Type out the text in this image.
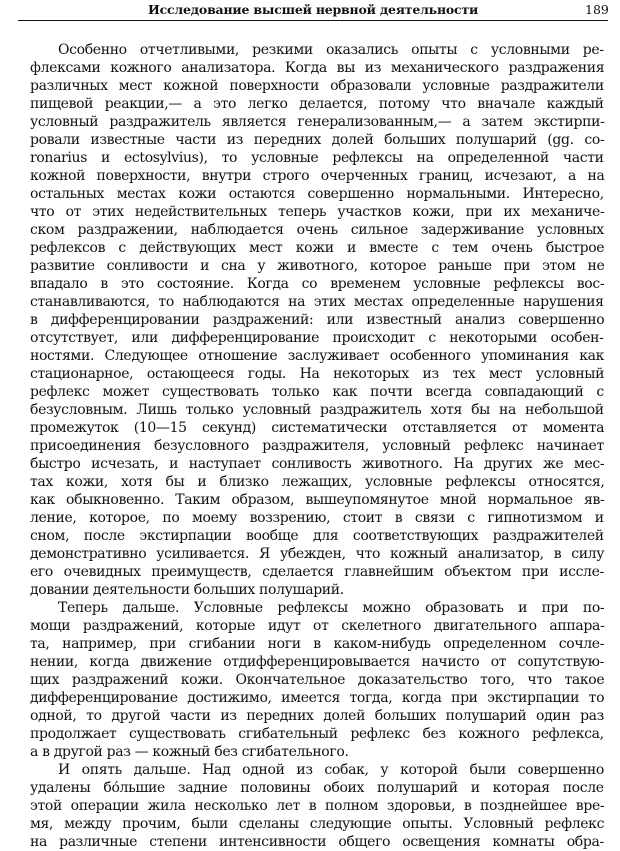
Исследование высшей нервной деятельности	189
Особенно отчетливыми, резкими оказались опыты с условными ре-
флексами кожного анализатора. Когда вы из механического раздражения
различных мест кожной поверхности образовали условные раздражители
пищевой реакции,— а это легко делается, потому что вначале каждый
условный раздражитель является генерализованным,— а затем экстирпи-
ровали известные части из передних долей больших полушарий (gg. co-
ronarius и ectosylvius), то условные рефлексы на определенной части
кожной поверхности, внутри строго очерченных границ, исчезают, а на
остальных местах кожи остаются совершенно нормальными. Интересно,
что от этих недействительных теперь участков кожи, при их механиче-
ском раздражении, наблюдается очень сильное задерживание условных
рефлексов с действующих мест кожи и вместе с тем очень быстрое
развитие сонливости и сна у животного, которое раньше при этом не
впадало в это состояние. Когда со временем условные рефлексы вос-
станавливаются, то наблюдаются на этих местах определенные нарушения
в дифференцировании раздражений: или известный анализ совершенно
отсутствует, или дифференцирование происходит с некоторыми особен-
ностями. Следующее отношение заслуживает особенного упоминания как
стационарное, остающееся годы. На некоторых из тех мест условный
рефлекс может существовать только как почти всегда совпадающий с
безусловным. Лишь только условный раздражитель хотя бы на небольшой
промежуток (10—15 секунд) систематически отставляется от момента
присоединения безусловного раздражителя, условный рефлекс начинает
быстро исчезать, и наступает сонливость животного. На других же мес-
тах кожи, хотя бы и близко лежащих, условные рефлексы относятся,
как обыкновенно. Таким образом, вышеупомянутое мной нормальное яв-
ление, которое, по моему воззрению, стоит в связи с гипнотизмом и
сном, после экстирпации вообще для соответствующих раздражителей
демонстративно усиливается. Я убежден, что кожный анализатор, в силу
его очевидных преимуществ, сделается главнейшим объектом при иссле-
довании деятельности больших полушарий.
Теперь дальше. Условные рефлексы можно образовать и при по-
мощи раздражений, которые идут от скелетного двигательного аппара-
та, например, при сгибании ноги в каком-нибудь определенном сочле-
нении, когда движение отдифференцировывается начисто от сопутствую-
щих раздражений кожи. Окончательное доказательство того, что такое
дифференцирование достижимо, имеется тогда, когда при экстирпации то
одной, то другой части из передних долей больших полушарий один раз
продолжает существовать сгибательный рефлекс без кожного рефлекса,
а в другой раз — кожный без сгибательного.
И опять дальше. Над одной из собак, у которой были совершенно
удалены бо́льшие задние половины обоих полушарий и которая после
этой операции жила несколько лет в полном здоровьи, в позднейшее вре-
мя, между прочим, были сделаны следующие опыты. Условный рефлекс
на различные степени интенсивности общего освещения комнаты обра-
